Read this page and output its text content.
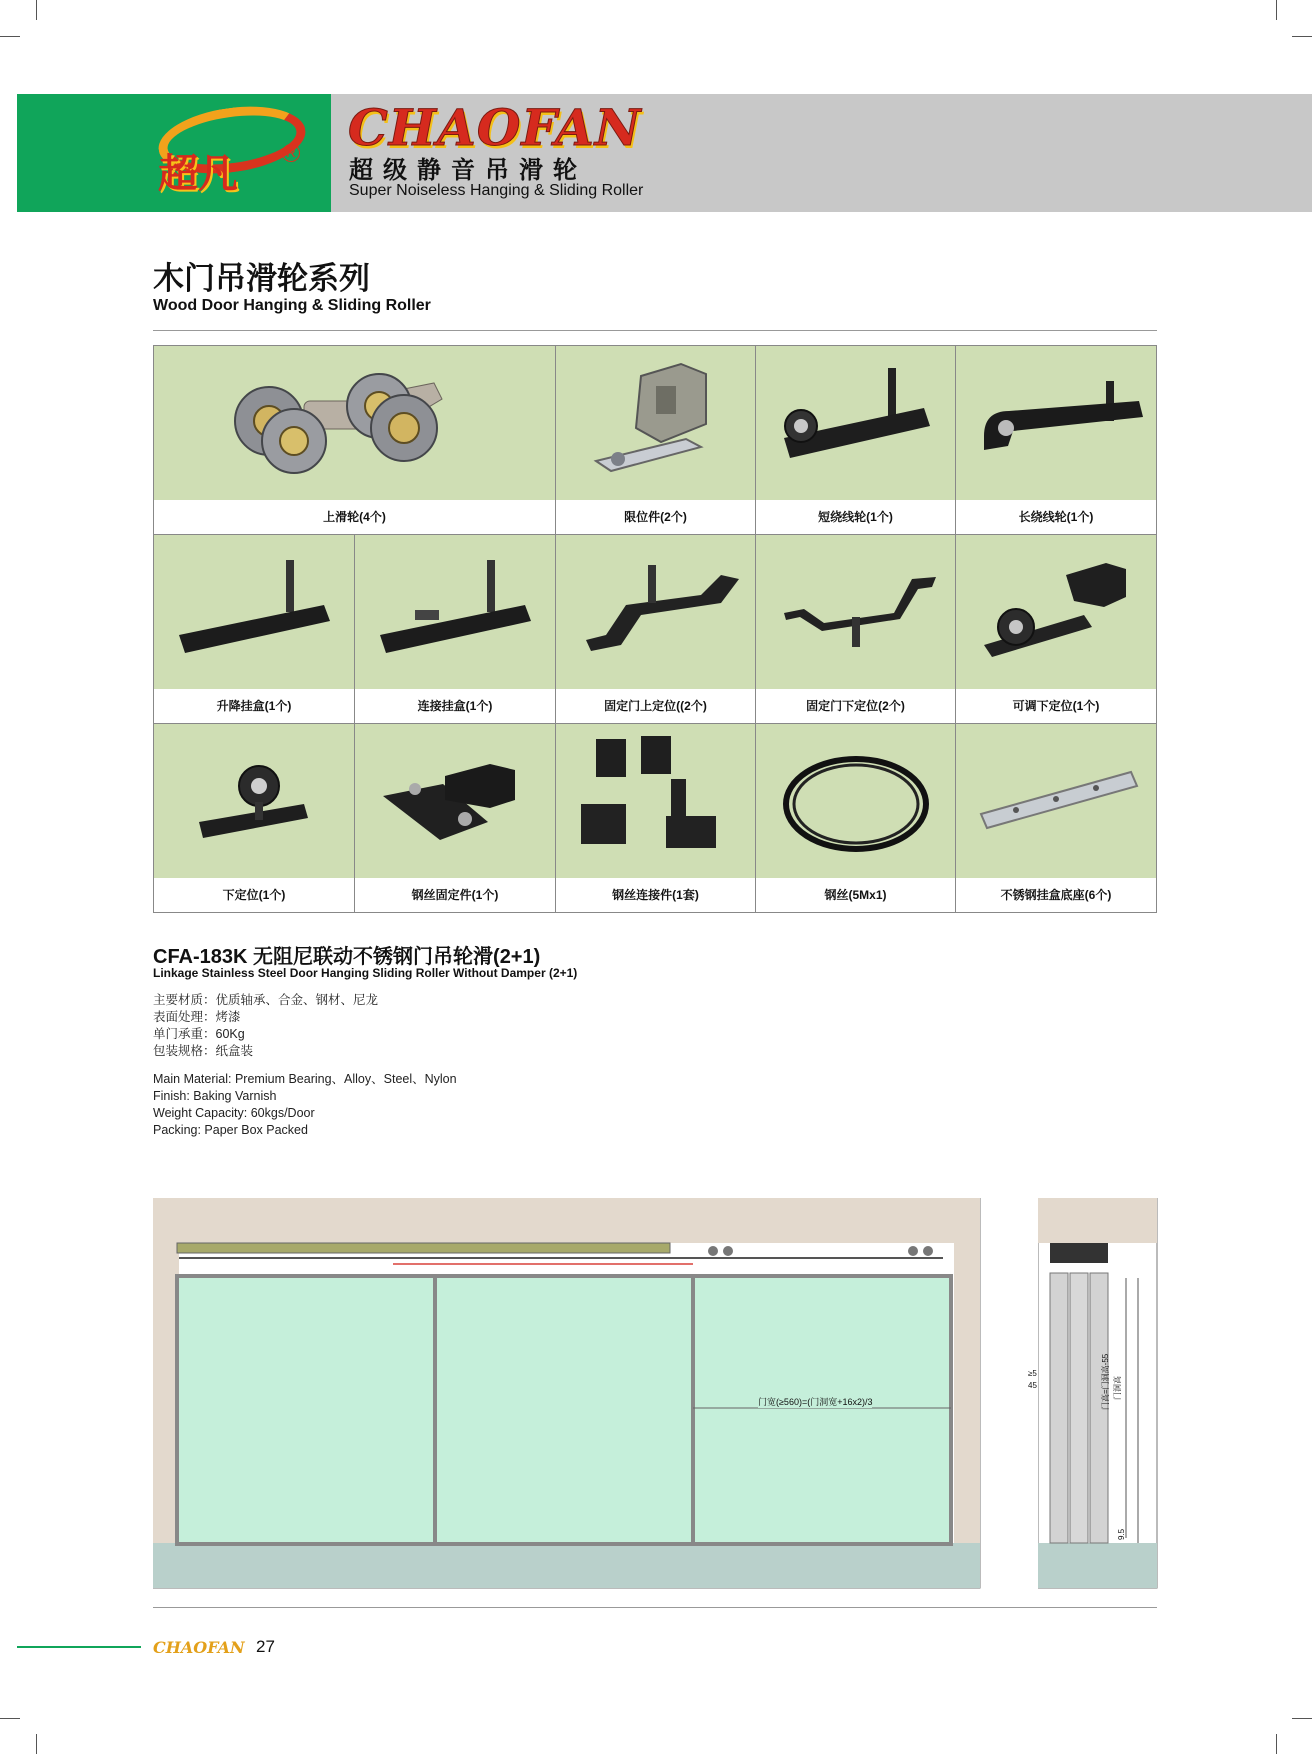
超凡	R CHAOFAN
超级静音吊滑轮
Super Noiseless Hanging & Sliding Roller
木门吊滑轮系列
Wood Door Hanging & Sliding Roller
上滑轮(4个)	限位件(2个)	短绕线轮(1个)	长绕线轮(1个)
升降挂盒(1个)	连接挂盒(1个)	固定门上定位((2个)	固定门下定位(2个)	可调下定位(1个)
下定位(1个)	钢丝固定件(1个)	钢丝连接件(1套)	钢丝(5Mx1)	不锈钢挂盒底座(6个)
CFA-183K 无阻尼联动不锈钢门吊轮滑(2+1)
Linkage Stainless Steel Door Hanging Sliding Roller Without Damper (2+1)
主要材质：优质轴承、合金、钢材、尼龙
表面处理：烤漆
单门承重：60Kg
包装规格：纸盒装
Main Material: Premium Bearing、Alloy、Steel、Nylon
Finish: Baking Varnish
Weight Capacity: 60kgs/Door
Packing: Paper Box Packed
门宽(≥560)=(门洞宽+16x2)/3
≥5
45	门高=门洞高-55 门洞高
9.5
CHAOFAN 27
